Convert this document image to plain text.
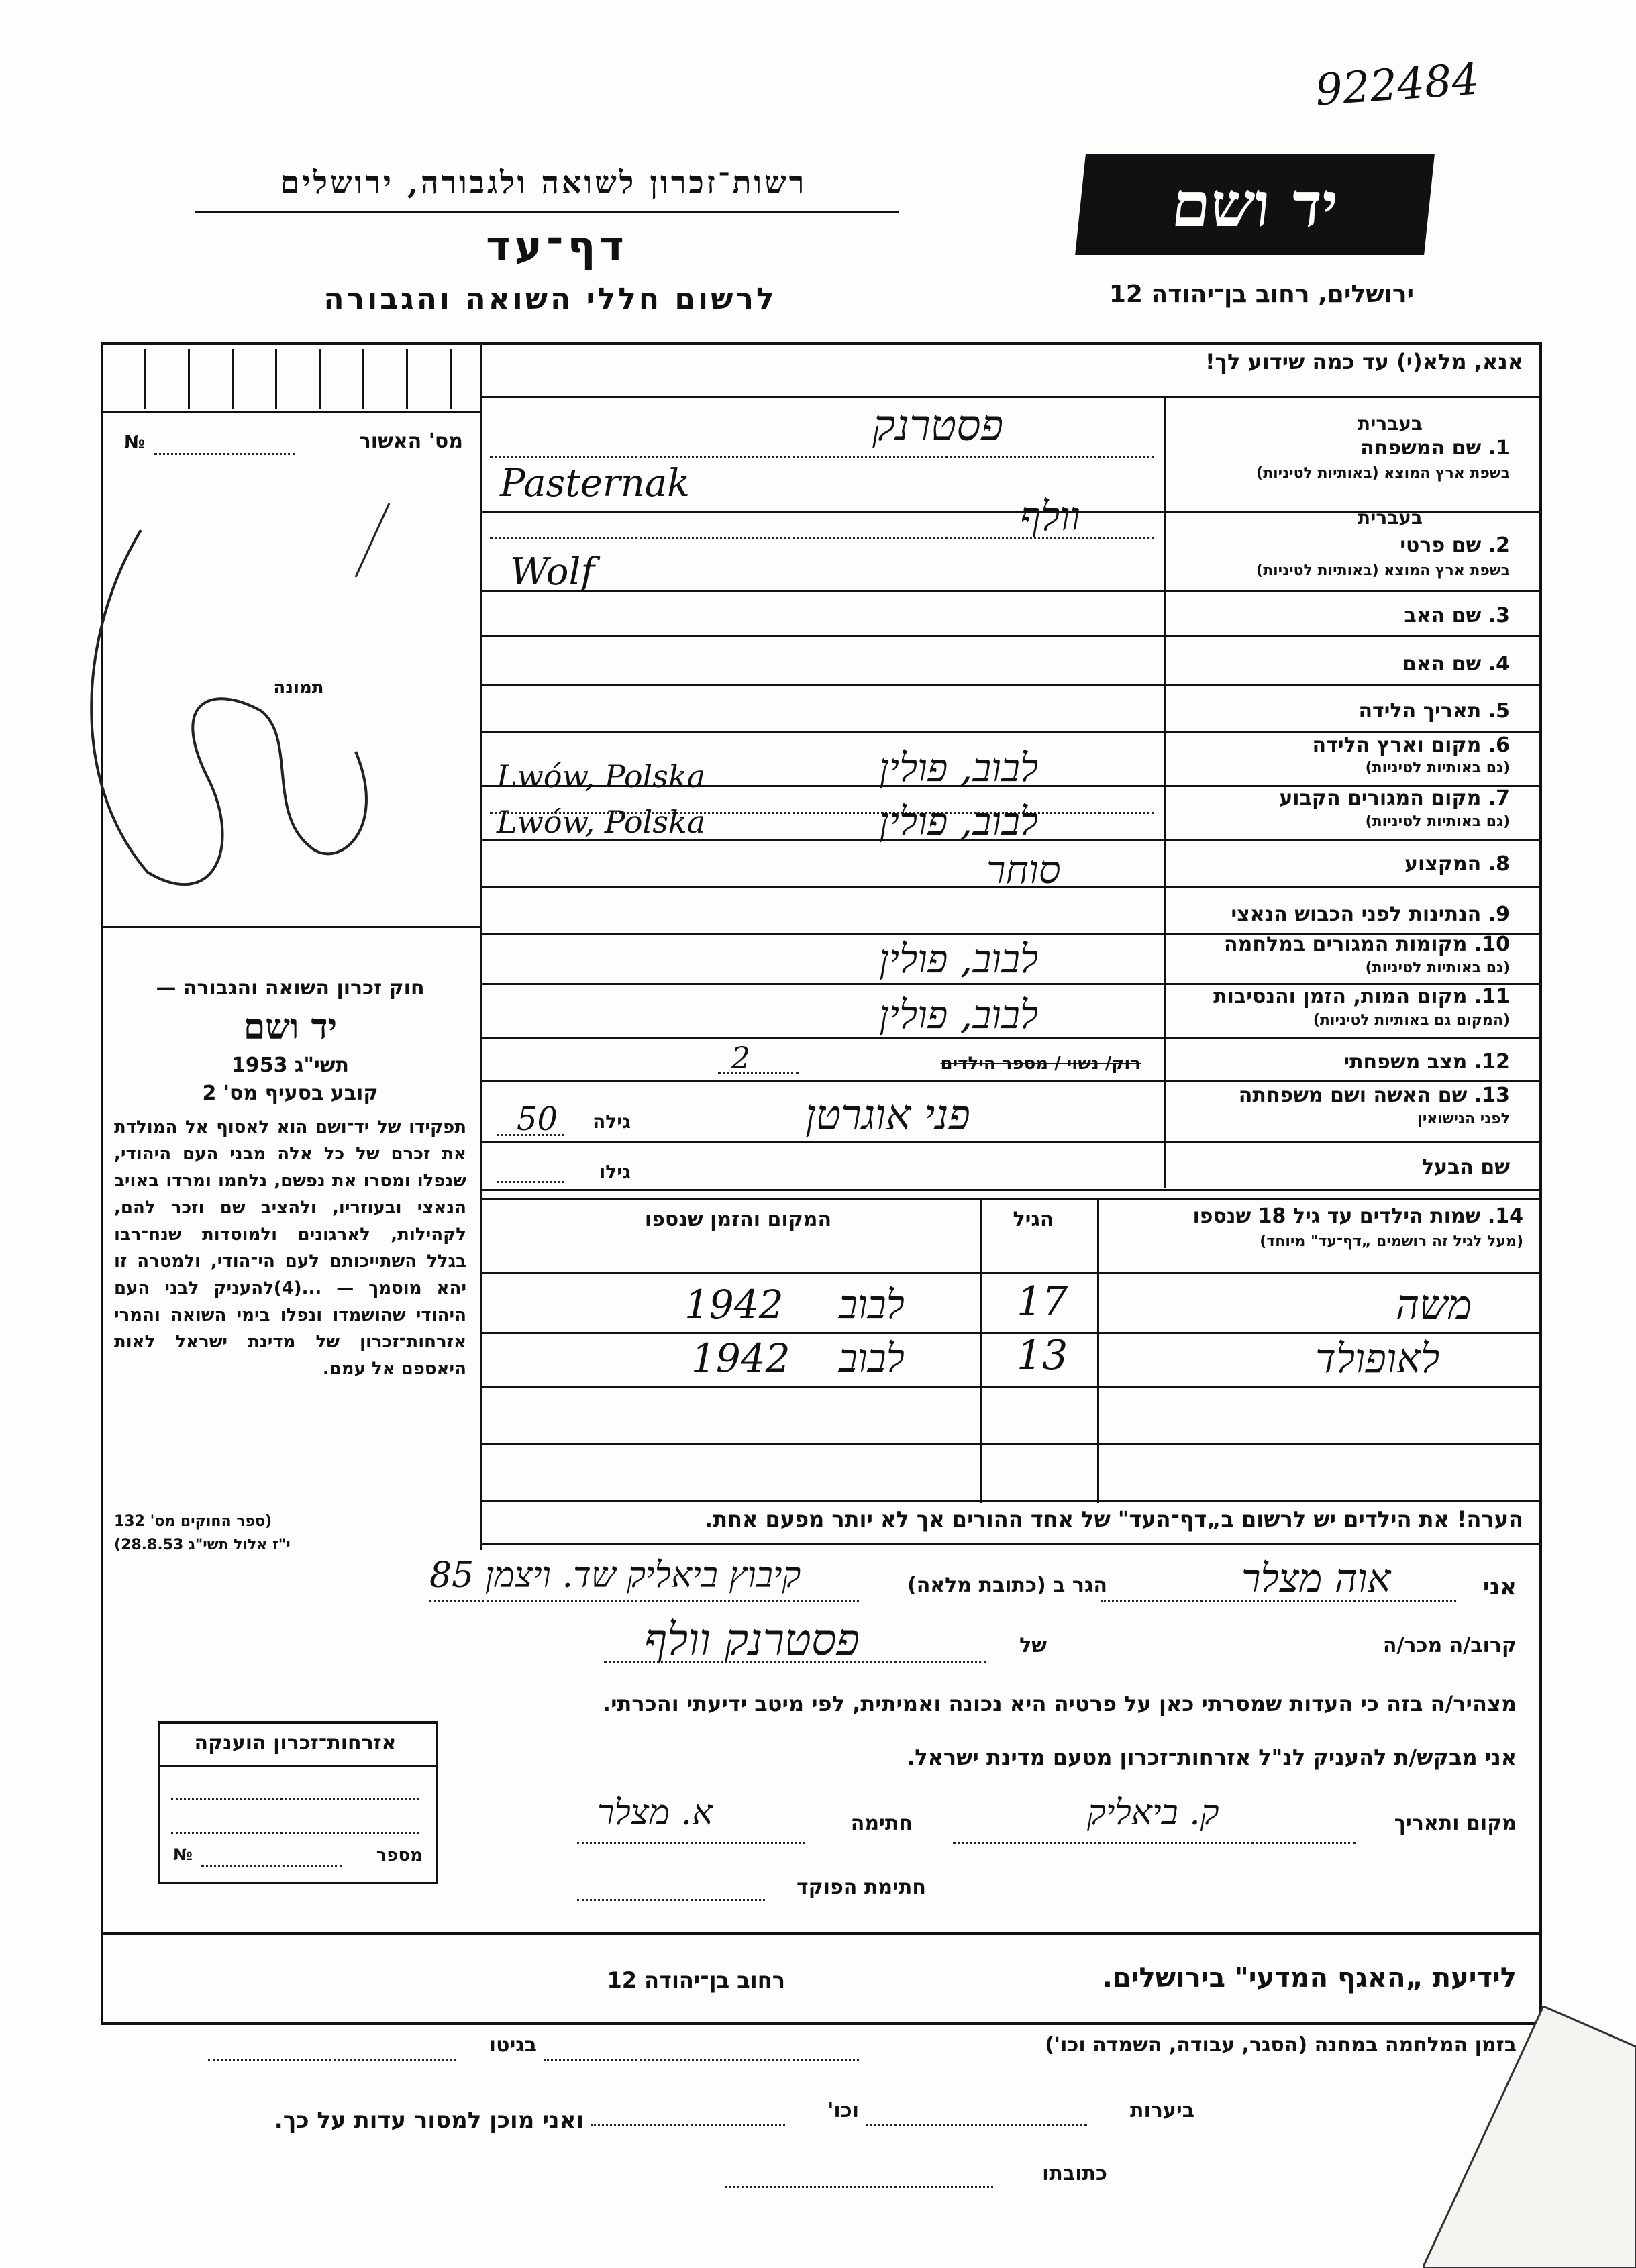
922484
רשות־זכרון לשואה ולגבורה, ירושלים
דף־עד
לרשום חללי השואה והגבורה
יד ושם
ירושלים, רחוב בן־יהודה 12
אנא, מלא(י) עד כמה שידוע לך!
№	מס' האשור
תמונה
חוק זכרון השואה והגבורה —
יד ושם
תשי"ג 1953
קובע בסעיף מס' 2
תפקידו של יד־ושם הוא לאסוף אל המולדת את זכרם של כל אלה מבני העם היהודי, שנפלו ומסרו את נפשם, נלחמו ומרדו באויב הנאצי ובעוזריו, ולהציב שם וזכר להם, לקהילות, לארגונים ולמוסדות שנח־רבו בגלל השתייכותם לעם הי־הודי, ולמטרה זו יהא מוסמך — ...(4)להעניק לבני העם היהודי שהושמדו ונפלו בימי השואה והמרי אזרחות־זכרון של מדינת ישראל לאות היאספם אל עמם.
(ספר החוקים מס' 132
י"ז אלול תשי"ג 28.8.53)
1. שם המשפחה
בעברית
בשפת ארץ המוצא (באותיות לטיניות)
2. שם פרטי
בעברית
בשפת ארץ המוצא (באותיות לטיניות)
3. שם האב
4. שם האם
5. תאריך הלידה
6. מקום וארץ הלידה
(גם באותיות לטיניות)
7. מקום המגורים הקבוע
(גם באותיות לטיניות)
8. המקצוע
9. הנתינות לפני הכבוש הנאצי
10. מקומות המגורים במלחמה
(גם באותיות לטיניות)
11. מקום המות, הזמן והנסיבות
(המקום גם באותיות לטיניות)
12. מצב משפחתי
13. שם האשה ושם משפחתה
לפני הנישואין
שם הבעל
פסטרנק
Pasternak
וולף
Wolf
לבוב, פולין
Lwów, Polska
לבוב, פולין
Lwów, Polska
סוחר
לבוב, פולין
לבוב, פולין
רוק/ נשוי / מספר הילדים
2
פני אוגרטן
גילה
50
גילו
14. שמות הילדים עד גיל 18 שנספו
(מעל לגיל זה רושמים „דף־עד" מיוחד)
הגיל
המקום והזמן שנספו
משה
17
לבוב
1942
לאופולד
13
לבוב
1942
הערה! את הילדים יש לרשום ב„דף־העד" של אחד ההורים אך לא יותר מפעם אחת.
אני
אוה מצלר
הגר ב (כתובת מלאה)
קיבוץ ביאליק שד. ויצמן 85
קרוב/ה מכר/ה
של
פסטרנק וולף
מצהיר/ה בזה כי העדות שמסרתי כאן על פרטיה היא נכונה ואמיתית, לפי מיטב ידיעתי והכרתי.
אני מבקש/ת להעניק לנ"ל אזרחות־זכרון מטעם מדינת ישראל.
מקום ותאריך
ק. ביאליק
חתימה
א. מצלר
חתימת הפוקד
אזרחות־זכרון הוענקה
№	מספר
לידיעת „האגף המדעי" בירושלים.
רחוב בן־יהודה 12
בזמן המלחמה במחנה (הסגר, עבודה, השמדה וכו')
בגיטו
ביערות
וכו'
ואני מוכן למסור עדות על כך.
כתובתו
